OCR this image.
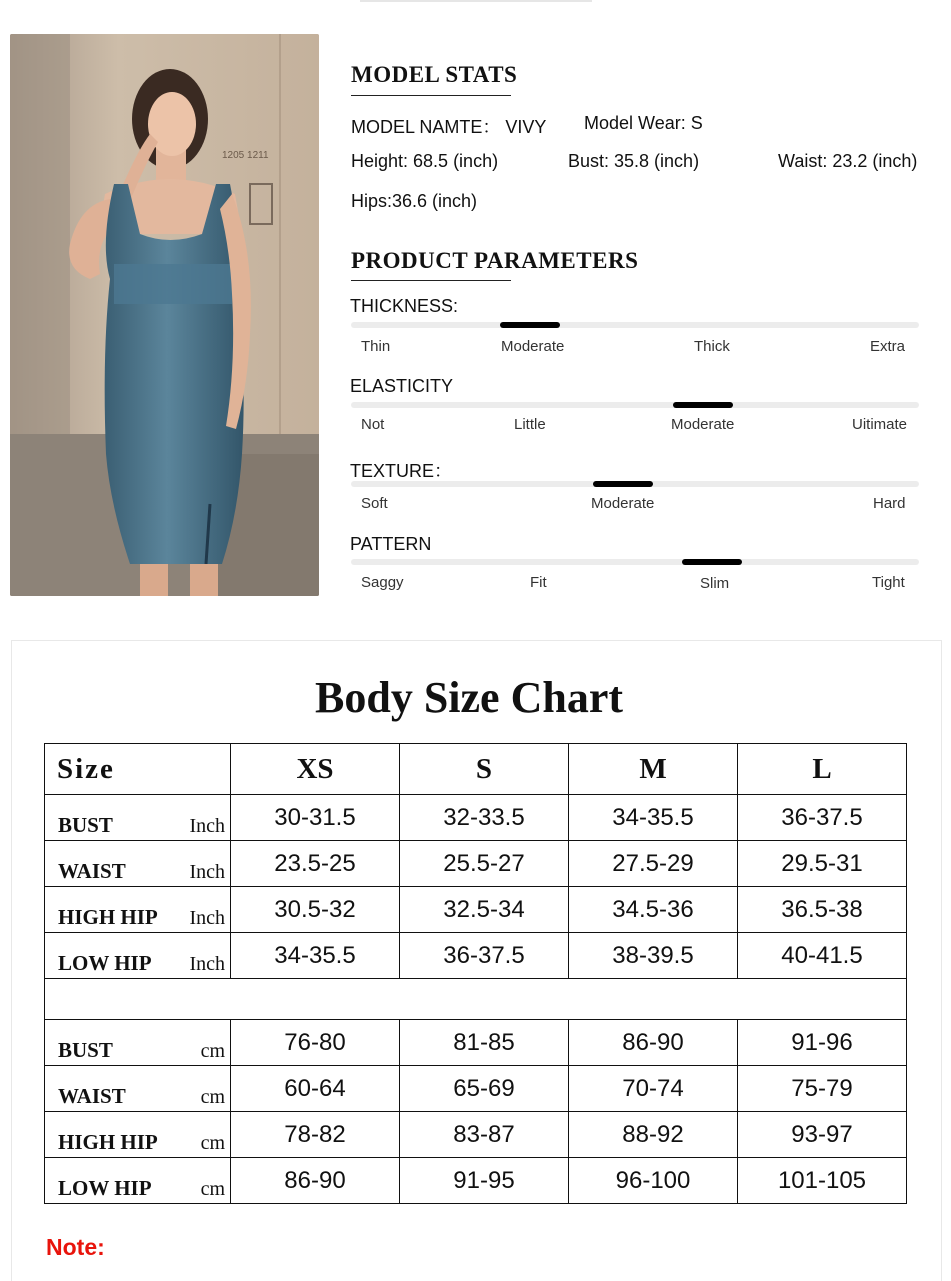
1205 1211
MODEL STATS
MODEL NAMTE： VIVY Model Wear: S
Height: 68.5 (inch)	Bust: 35.8 (inch)	Waist: 23.2 (inch)
Hips:36.6 (inch)
PRODUCT PARAMETERS
THICKNESS:
Thin	Moderate	Thick	Extra
ELASTICITY
Not	Little	Moderate	Uitimate
TEXTURE：
Soft	Moderate	Hard
PATTERN
Saggy	Fit	Slim	Tight
Body Size Chart
Size	XS	S	M	L

BUST Inch	30-31.5	32-33.5	34-35.5	36-37.5

WAIST Inch	23.5-25	25.5-27	27.5-29	29.5-31

HIGH HIP Inch	30.5-32	32.5-34	34.5-36	36.5-38

LOW HIP Inch	34-35.5	36-37.5	38-39.5	40-41.5

BUST cm	76-80	81-85	86-90	91-96

WAIST cm	60-64	65-69	70-74	75-79

HIGH HIP cm	78-82	83-87	88-92	93-97

LOW HIP cm	86-90	91-95	96-100	101-105
Note:
